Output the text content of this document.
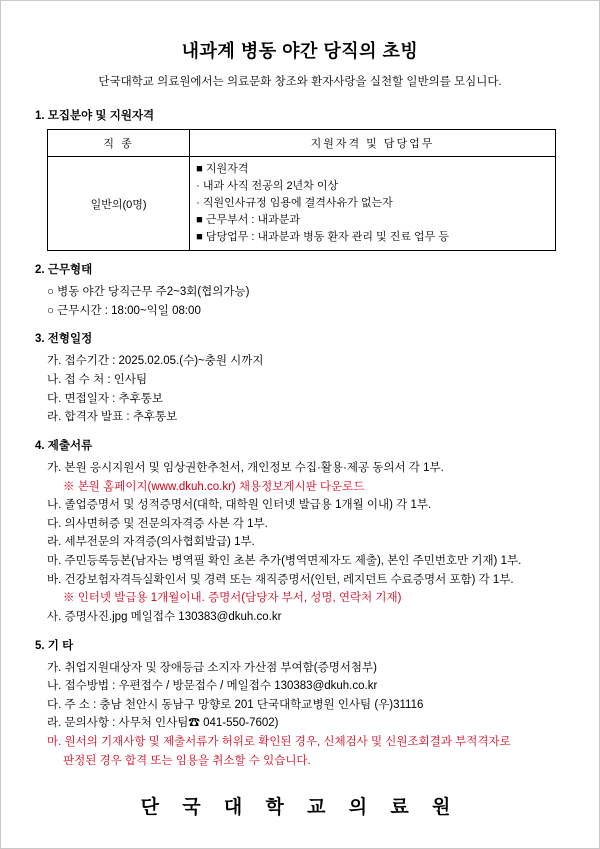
내과계 병동 야간 당직의 초빙
단국대학교 의료원에서는 의료문화 창조와 환자사랑을 실천할 일반의를 모심니다.
1. 모집분야 및 지원자격
직 종	지원자격 및 담당업무
일반의(0명)	■ 지원자격
· 내과 사직 전공의 2년차 이상
· 직원인사규정 임용에 결격사유가 없는자
■ 근무부서 : 내과분과
■ 담당업무 : 내과분과 병동 환자 관리 및 진료 업무 등
2. 근무형태
○ 병동 야간 당직근무 주2~3회(협의가능)
○ 근무시간 : 18:00~익일 08:00
3. 전형일정
가. 접수기간 : 2025.02.05.(수)~충원 시까지
나. 접 수 처 : 인사팀
다. 면접일자 : 추후통보
라. 합격자 발표 : 추후통보
4. 제출서류
가. 본원 응시지원서 및 임상권한추천서, 개인정보 수집·활용·제공 동의서 각 1부.
※ 본원 홈페이지(www.dkuh.co.kr) 채용정보게시판 다운로드
나. 졸업증명서 및 성적증명서(대학, 대학원 인터넷 발급용 1개월 이내) 각 1부.
다. 의사면허증 및 전문의자격증 사본 각 1부.
라. 세부전문의 자격증(의사협회발급) 1부.
마. 주민등록등본(남자는 병역필 확인 초본 추가(병역면제자도 제출), 본인 주민번호만 기재) 1부.
바. 건강보험자격득실확인서 및 경력 또는 재직증명서(인턴, 레지던트 수료증명서 포함) 각 1부.
※ 인터넷 발급용 1개월이내. 증명서(담당자 부서, 성명, 연락처 기재)
사. 증명사진.jpg 메일접수 130383@dkuh.co.kr
5. 기 타
가. 취업지원대상자 및 장애등급 소지자 가산점 부여함(증명서첨부)
나. 접수방법 : 우편접수 / 방문접수 / 메일접수 130383@dkuh.co.kr
다. 주 소 : 충남 천안시 동남구 망향로 201 단국대학교병원 인사팀 (우)31116
라. 문의사항 : 사무처 인사팀☎ 041-550-7602)
마. 원서의 기재사항 및 제출서류가 허위로 확인된 경우, 신체검사 및 신원조회결과 부적격자로
판정된 경우 합격 또는 임용을 취소할 수 있습니다.
단 국 대 학 교 의 료 원
